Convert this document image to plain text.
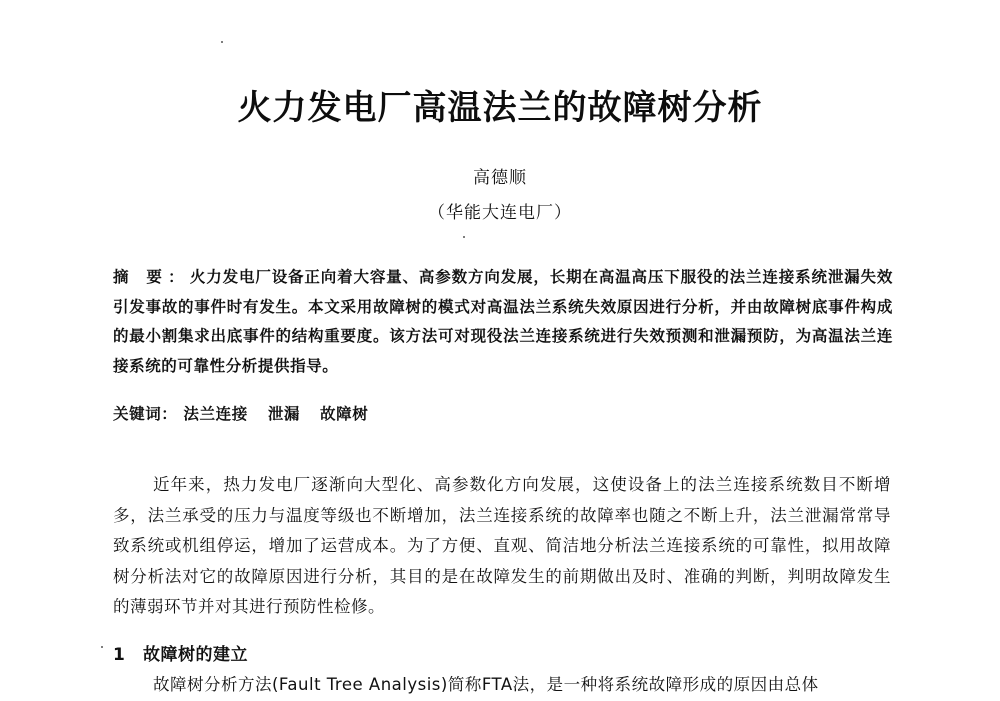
火力发电厂高温法兰的故障树分析
高德顺
（华能大连电厂）
摘 要：火力发电厂设备正向着大容量、高参数方向发展，长期在高温高压下服役的法兰连接系统泄漏失效引发事故的事件时有发生。本文采用故障树的模式对高温法兰系统失效原因进行分析，并由故障树底事件构成的最小割集求出底事件的结构重要度。该方法可对现役法兰连接系统进行失效预测和泄漏预防，为高温法兰连接系统的可靠性分析提供指导。
关键词： 法兰连接 泄漏 故障树
近年来，热力发电厂逐渐向大型化、高参数化方向发展，这使设备上的法兰连接系统数目不断增多，法兰承受的压力与温度等级也不断增加，法兰连接系统的故障率也随之不断上升，法兰泄漏常常导致系统或机组停运，增加了运营成本。为了方便、直观、简洁地分析法兰连接系统的可靠性，拟用故障树分析法对它的故障原因进行分析，其目的是在故障发生的前期做出及时、准确的判断，判明故障发生的薄弱环节并对其进行预防性检修。
1 故障树的建立
故障树分析方法(Fault Tree Analysis)简称FTA法，是一种将系统故障形成的原因由总体
